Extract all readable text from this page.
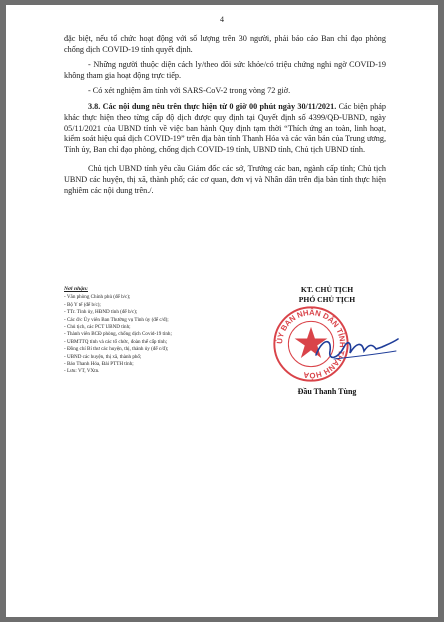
4

đặc biệt, nếu tổ chức hoạt động với số lượng trên 30 người, phải báo cáo Ban chỉ đạo phòng chống dịch COVID-19 tỉnh quyết định.

- Những người thuộc diện cách ly/theo dõi sức khỏe/có triệu chứng nghi ngờ COVID-19 không tham gia hoạt động trực tiếp.

- Có xét nghiệm âm tính với SARS-CoV-2 trong vòng 72 giờ.

3.8. Các nội dung nêu trên thực hiện từ 0 giờ 00 phút ngày 30/11/2021. Các biện pháp khác thực hiện theo từng cấp độ dịch được quy định tại Quyết định số 4399/QĐ-UBND, ngày 05/11/2021 của UBND tỉnh về việc ban hành Quy định tạm thời “Thích ứng an toàn, linh hoạt, kiểm soát hiệu quả dịch COVID-19” trên địa bàn tỉnh Thanh Hóa và các văn bản của Trung ương, Tỉnh ủy, Ban chỉ đạo phòng, chống dịch COVID-19 tỉnh, UBND tỉnh, Chủ tịch UBND tỉnh.

Chủ tịch UBND tỉnh yêu cầu Giám đốc các sở, Trưởng các ban, ngành cấp tỉnh; Chủ tịch UBND các huyện, thị xã, thành phố; các cơ quan, đơn vị và Nhân dân trên địa bàn tỉnh thực hiện nghiêm các nội dung trên./.

Nơi nhận:
- Văn phòng Chính phủ (để b/c);
- Bộ Y tế (để b/c);
- TTr. Tỉnh ủy, HĐND tỉnh (để b/c);
- Các đ/c Ủy viên Ban Thường vụ Tỉnh ủy (để c/đ);
- Chủ tịch, các PCT UBND tỉnh;
- Thành viên BCĐ phòng, chống dịch Covid-19 tỉnh;
- UBMTTQ tỉnh và các tổ chức, đoàn thể cấp tỉnh;
- Đồng chí Bí thư các huyện, thị, thành ủy (để c/đ);
- UBND các huyện, thị xã, thành phố;
- Báo Thanh Hóa, Đài PTTH tỉnh;
- Lưu: VT, VXtn.
KT. CHỦ TỊCH
PHÓ CHỦ TỊCH
ỦY BAN NHÂN DÂN TỈNH THANH HÓA
Đầu Thanh Tùng
